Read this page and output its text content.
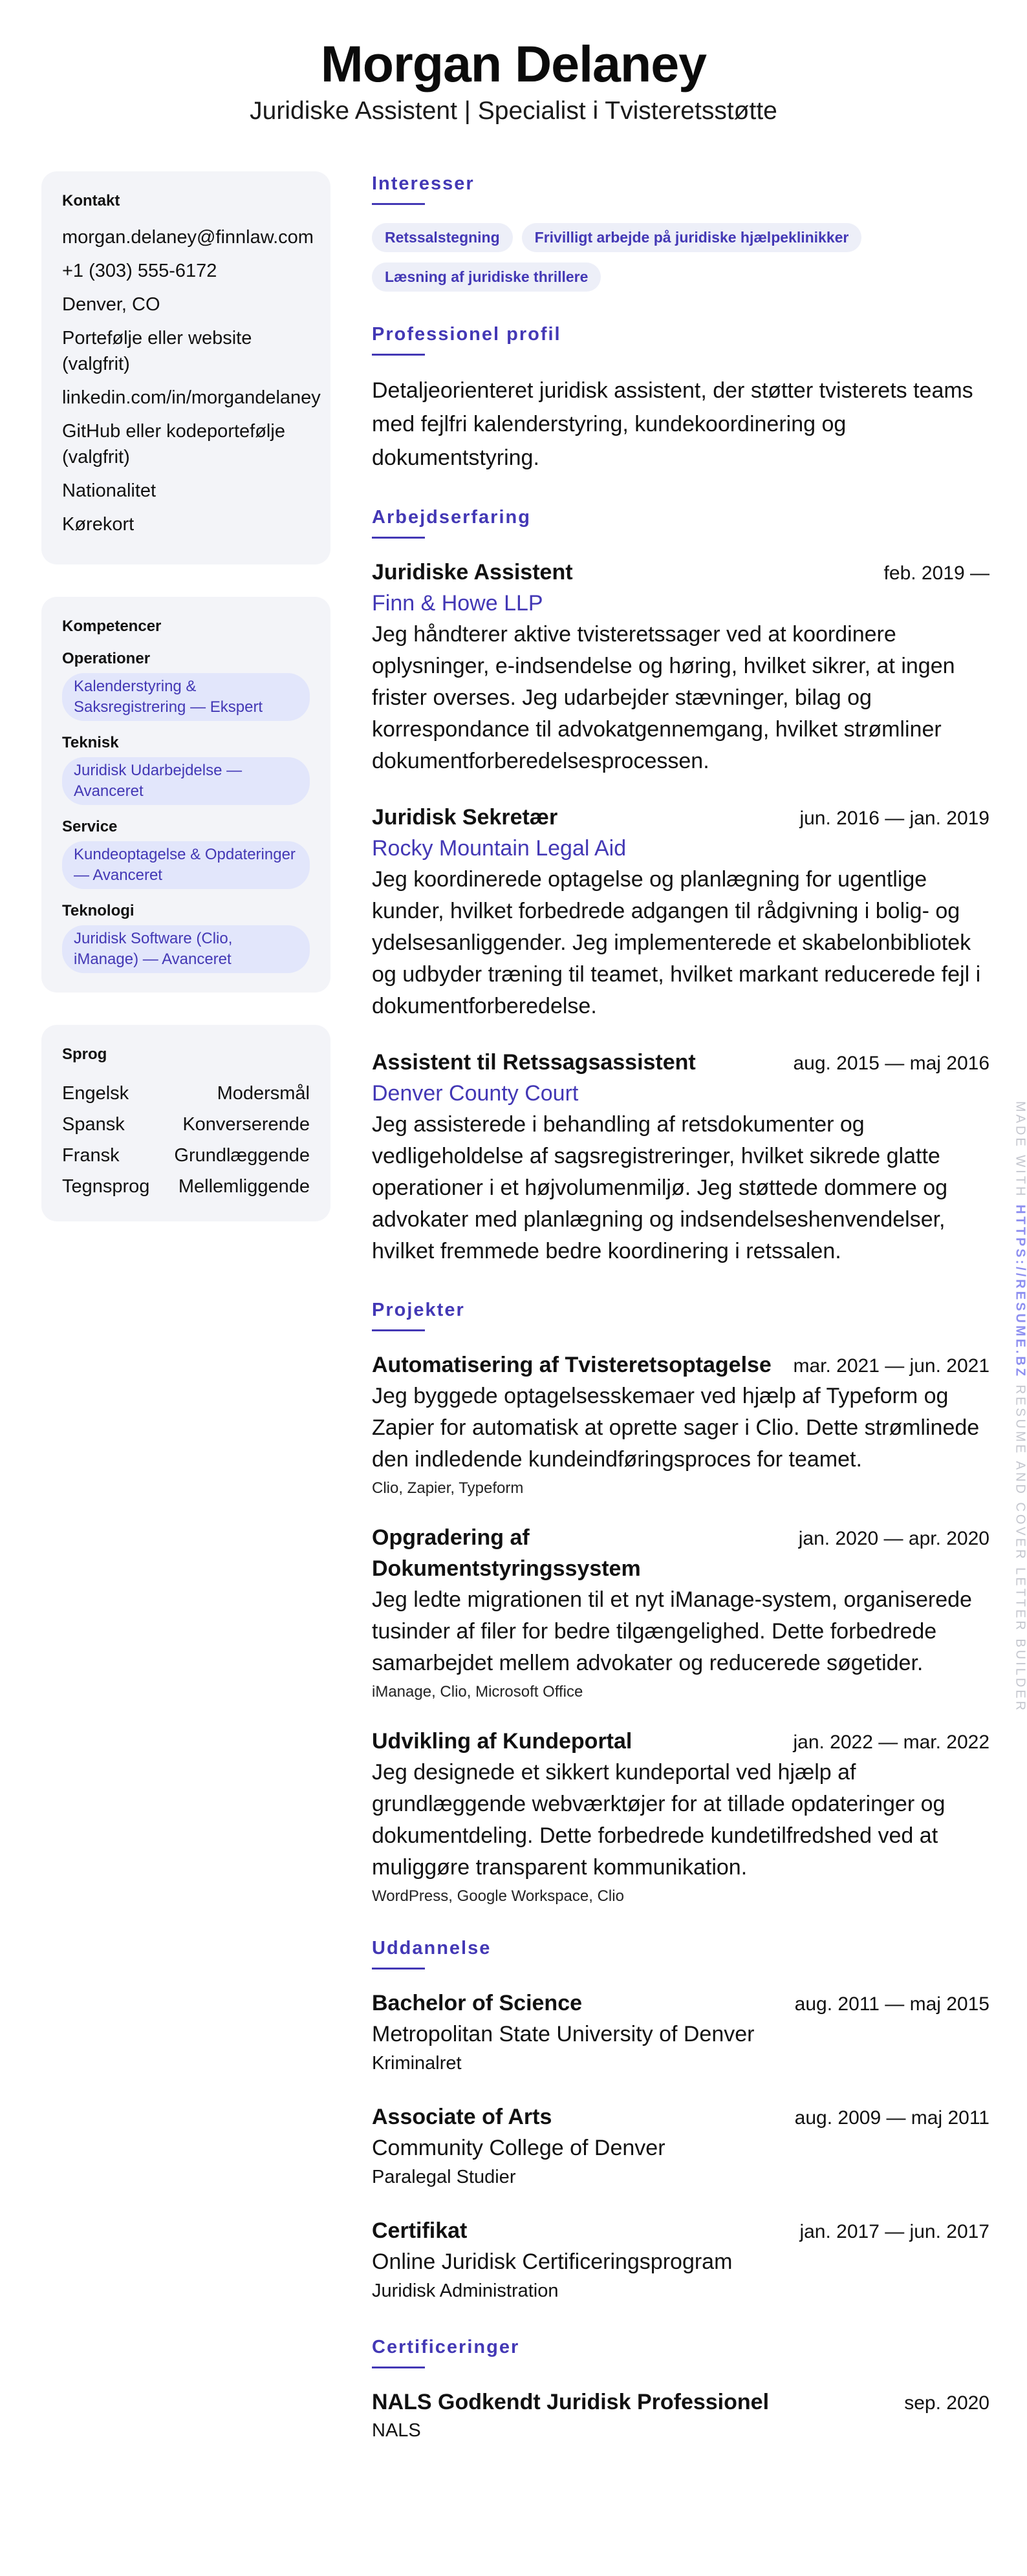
Morgan Delaney
Juridiske Assistent | Specialist i Tvisteretsstøtte
Kontakt
morgan.delaney@finnlaw.com
+1 (303) 555-6172
Denver, CO
Portefølje eller website (valgfrit)
linkedin.com/in/morgandelaney
GitHub eller kodeportefølje (valgfrit)
Nationalitet
Kørekort
Kompetencer
Operationer
Kalenderstyring & Saksregistrering — Ekspert
Teknisk
Juridisk Udarbejdelse — Avanceret
Service
Kundeoptagelse & Opdateringer — Avanceret
Teknologi
Juridisk Software (Clio, iManage) — Avanceret
Sprog
Engelsk	Modersmål
Spansk	Konverserende
Fransk	Grundlæggende
Tegnsprog Mellemliggende
Interesser
Retssalstegning	Frivilligt arbejde på juridiske hjælpeklinikker
Læsning af juridiske thrillere
Professionel profil
Detaljeorienteret juridisk assistent, der støtter tvisterets teams med fejlfri kalenderstyring, kundekoordinering og dokumentstyring.
Arbejdserfaring
Juridiske Assistent	feb. 2019 —
Finn & Howe LLP
Jeg håndterer aktive tvisteretssager ved at koordinere oplysninger, e-indsendelse og høring, hvilket sikrer, at ingen frister overses. Jeg udarbejder stævninger, bilag og korrespondance til advokatgennemgang, hvilket strømliner dokumentforberedelsesprocessen.
Juridisk Sekretær	jun. 2016 — jan. 2019
Rocky Mountain Legal Aid
Jeg koordinerede optagelse og planlægning for ugentlige kunder, hvilket forbedrede adgangen til rådgivning i bolig- og ydelsesanliggender. Jeg implementerede et skabelonbibliotek og udbyder træning til teamet, hvilket markant reducerede fejl i dokumentforberedelse.
Assistent til Retssagsassistent	aug. 2015 — maj 2016
Denver County Court
Jeg assisterede i behandling af retsdokumenter og vedligeholdelse af sagsregistreringer, hvilket sikrede glatte operationer i et højvolumenmiljø. Jeg støttede dommere og advokater med planlægning og indsendelseshenvendelser, hvilket fremmede bedre koordinering i retssalen.
Projekter
Automatisering af Tvisteretsoptagelse mar. 2021 — jun. 2021
Jeg byggede optagelsesskemaer ved hjælp af Typeform og Zapier for automatisk at oprette sager i Clio. Dette strømlinede den indledende kundeindføringsproces for teamet.
Clio, Zapier, Typeform
Opgradering af Dokumentstyringssystem
jan. 2020 — apr. 2020
Jeg ledte migrationen til et nyt iManage-system, organiserede tusinder af filer for bedre tilgængelighed. Dette forbedrede samarbejdet mellem advokater og reducerede søgetider.
iManage, Clio, Microsoft Office
Udvikling af Kundeportal	jan. 2022 — mar. 2022
Jeg designede et sikkert kundeportal ved hjælp af grundlæggende webværktøjer for at tillade opdateringer og dokumentdeling. Dette forbedrede kundetilfredshed ved at muliggøre transparent kommunikation.
WordPress, Google Workspace, Clio
Uddannelse
Bachelor of Science	aug. 2011 — maj 2015
Metropolitan State University of Denver
Kriminalret
Associate of Arts	aug. 2009 — maj 2011
Community College of Denver
Paralegal Studier
Certifikat	jan. 2017 — jun. 2017
Online Juridisk Certificeringsprogram
Juridisk Administration
Certificeringer
NALS Godkendt Juridisk Professionel	sep. 2020
NALS
MADE WITH HTTPS://RESUME.BZ RESUME AND COVER LETTER BUILDER
